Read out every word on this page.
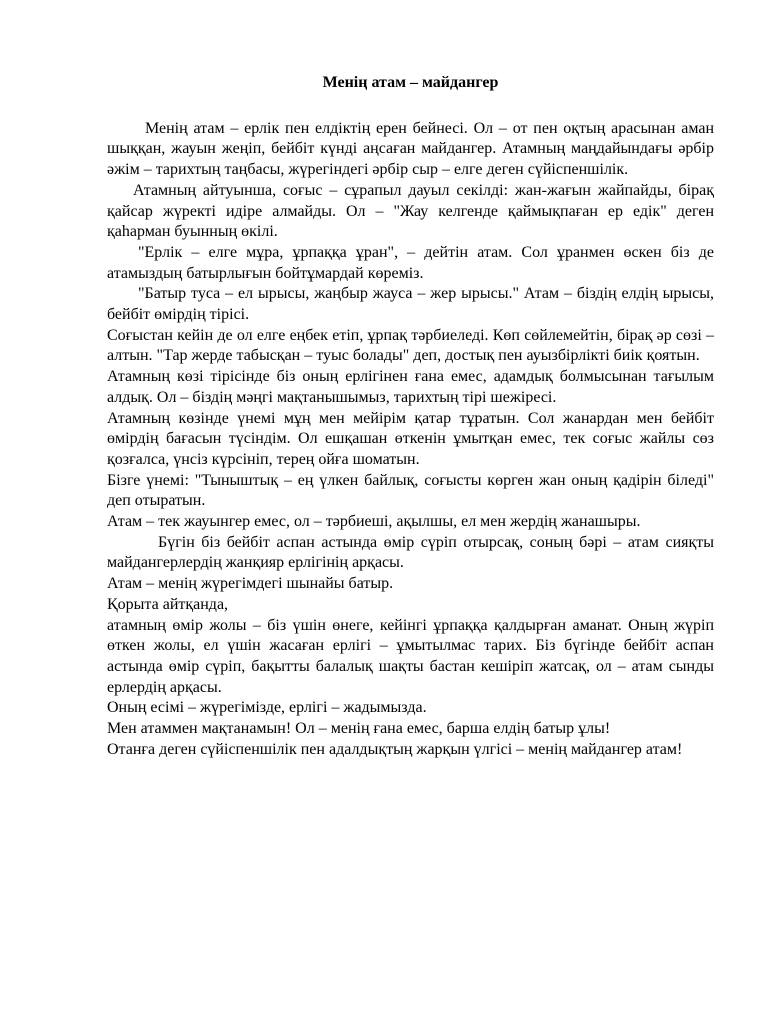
Менің атам – майдангер

Менің атам – ерлік пен елдіктің ерен бейнесі. Ол – от пен оқтың арасынан аман шыққан, жауын жеңіп, бейбіт күнді аңсаған майдангер. Атамның маңдайындағы әрбір әжім – тарихтың таңбасы, жүрегіндегі әрбір сыр – елге деген сүйіспеншілік.

Атамның айтуынша, соғыс – сұрапыл дауыл секілді: жан-жағын жайпайды, бірақ қайсар жүректі идіре алмайды. Ол – "Жау келгенде қаймықпаған ер едік" деген қаһарман буынның өкілі.

"Ерлік – елге мұра, ұрпаққа ұран", – дейтін атам. Сол ұранмен өскен біз де атамыздың батырлығын бойтұмардай көреміз.

"Батыр туса – ел ырысы, жаңбыр жауса – жер ырысы." Атам – біздің елдің ырысы, бейбіт өмірдің тірісі.

Соғыстан кейін де ол елге еңбек етіп, ұрпақ тәрбиеледі. Көп сөйлемейтін, бірақ әр сөзі – алтын. "Тар жерде табысқан – туыс болады" деп, достық пен ауызбірлікті биік қоятын.

Атамның көзі тірісінде біз оның ерлігінен ғана емес, адамдық болмысынан тағылым алдық. Ол – біздің мәңгі мақтанышымыз, тарихтың тірі шежіресі.

Атамның көзінде үнемі мұң мен мейірім қатар тұратын. Сол жанардан мен бейбіт өмірдің бағасын түсіндім. Ол ешқашан өткенін ұмытқан емес, тек соғыс жайлы сөз қозғалса, үнсіз күрсініп, терең ойға шоматын.

Бізге үнемі: "Тыныштық – ең үлкен байлық, соғысты көрген жан оның қадірін біледі" деп отыратын.

Атам – тек жауынгер емес, ол – тәрбиеші, ақылшы, ел мен жердің жанашыры.

Бүгін біз бейбіт аспан астында өмір сүріп отырсақ, соның бәрі – атам сияқты майдангерлердің жанқияр ерлігінің арқасы.

Атам – менің жүрегімдегі шынайы батыр.

Қорыта айтқанда,

атамның өмір жолы – біз үшін өнеге, кейінгі ұрпаққа қалдырған аманат. Оның жүріп өткен жолы, ел үшін жасаған ерлігі – ұмытылмас тарих. Біз бүгінде бейбіт аспан астында өмір сүріп, бақытты балалық шақты бастан кешіріп жатсақ, ол – атам сынды ерлердің арқасы.

Оның есімі – жүрегімізде, ерлігі – жадымызда.

Мен атаммен мақтанамын! Ол – менің ғана емес, барша елдің батыр ұлы!

Отанға деген сүйіспеншілік пен адалдықтың жарқын үлгісі – менің майдангер атам!
